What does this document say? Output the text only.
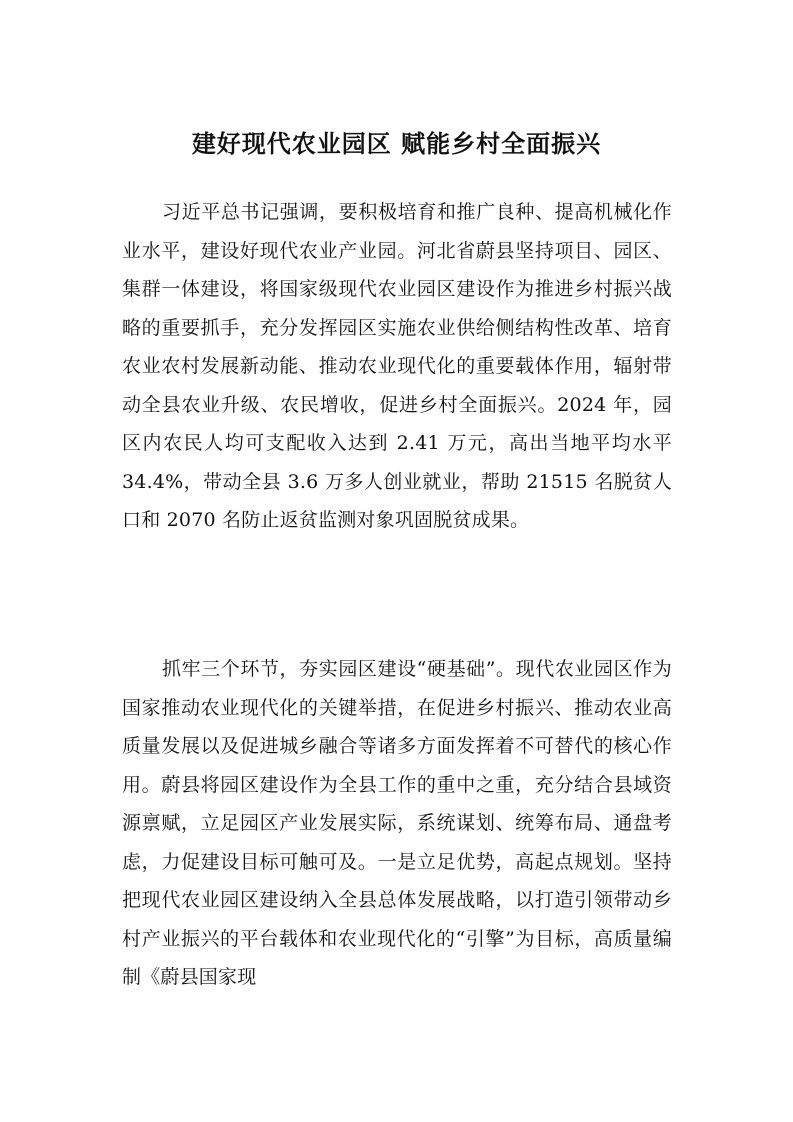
建好现代农业园区 赋能乡村全面振兴

习近平总书记强调，要积极培育和推广良种、提高机械化作业水平，建设好现代农业产业园。河北省蔚县坚持项目、园区、集群一体建设，将国家级现代农业园区建设作为推进乡村振兴战略的重要抓手，充分发挥园区实施农业供给侧结构性改革、培育农业农村发展新动能、推动农业现代化的重要载体作用，辐射带动全县农业升级、农民增收，促进乡村全面振兴。2024 年，园区内农民人均可支配收入达到 2.41 万元，高出当地平均水平 34.4%，带动全县 3.6 万多人创业就业，帮助 21515 名脱贫人口和 2070 名防止返贫监测对象巩固脱贫成果。

抓牢三个环节，夯实园区建设“硬基础”。现代农业园区作为国家推动农业现代化的关键举措，在促进乡村振兴、推动农业高质量发展以及促进城乡融合等诸多方面发挥着不可替代的核心作用。蔚县将园区建设作为全县工作的重中之重，充分结合县域资源禀赋，立足园区产业发展实际，系统谋划、统筹布局、通盘考虑，力促建设目标可触可及。一是立足优势，高起点规划。坚持把现代农业园区建设纳入全县总体发展战略，以打造引领带动乡村产业振兴的平台载体和农业现代化的“引擎”为目标，高质量编制《蔚县国家现
